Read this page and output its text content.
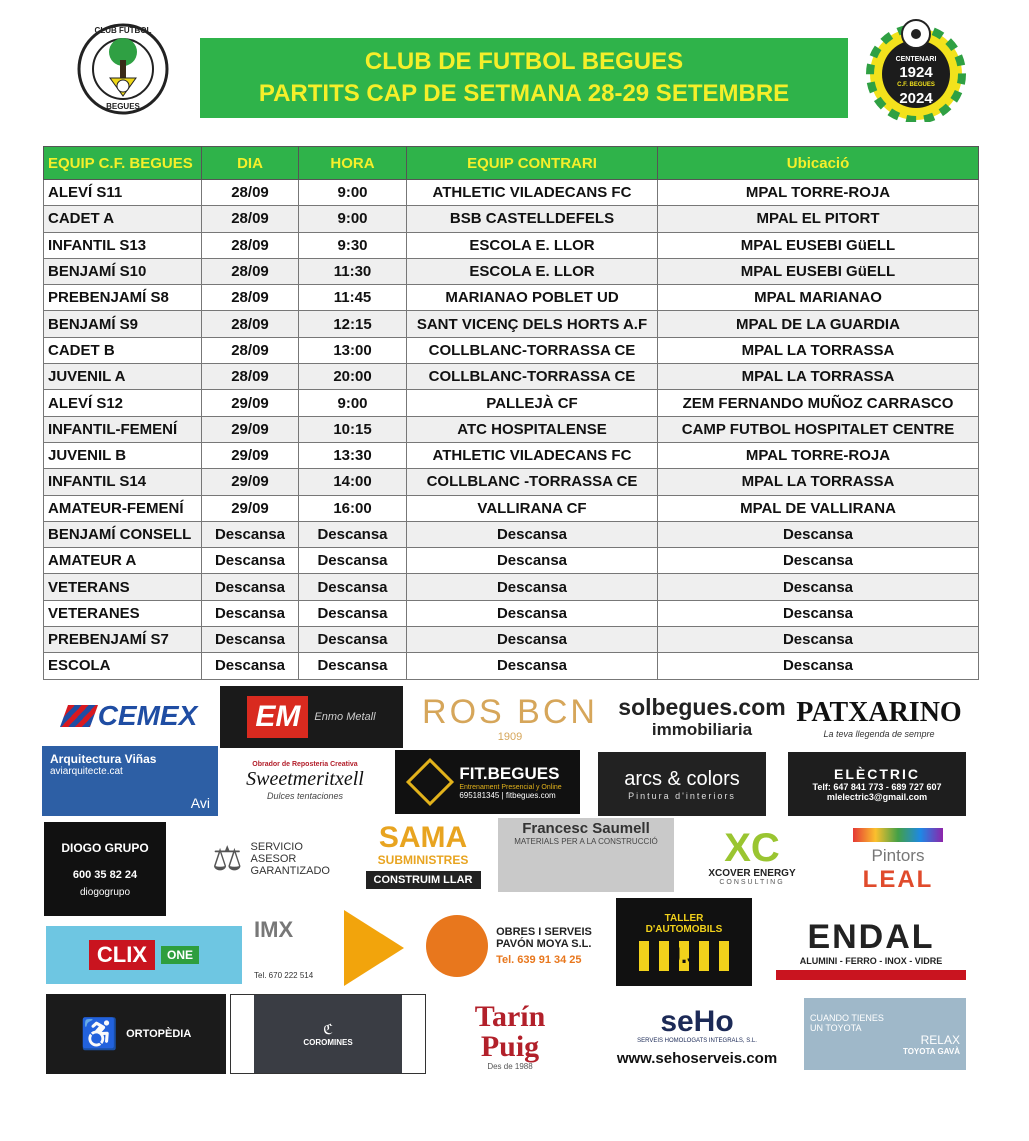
CLUB FUTBOL
BEGUES
CLUB DE FUTBOL BEGUES
PARTITS CAP DE SETMANA 28-29 SETEMBRE
CENTENARI
1924
C.F. BEGUES
2024
EQUIP C.F. BEGUES	DIA	HORA	EQUIP CONTRARI	Ubicació
ALEVÍ S11	28/09	9:00	ATHLETIC VILADECANS FC	MPAL TORRE-ROJA
CADET A	28/09	9:00	BSB CASTELLDEFELS	MPAL EL PITORT
INFANTIL S13	28/09	9:30	ESCOLA E. LLOR	MPAL EUSEBI GüELL
BENJAMÍ S10	28/09	11:30	ESCOLA E. LLOR	MPAL EUSEBI GüELL
PREBENJAMÍ S8	28/09	11:45	MARIANAO POBLET UD	MPAL MARIANAO
BENJAMÍ S9	28/09	12:15	SANT VICENÇ DELS HORTS A.F	MPAL DE LA GUARDIA
CADET B	28/09	13:00	COLLBLANC-TORRASSA CE	MPAL LA TORRASSA
JUVENIL A	28/09	20:00	COLLBLANC-TORRASSA CE	MPAL LA TORRASSA
ALEVÍ S12	29/09	9:00	PALLEJÀ CF	ZEM FERNANDO MUÑOZ CARRASCO
INFANTIL-FEMENÍ	29/09	10:15	ATC HOSPITALENSE	CAMP FUTBOL HOSPITALET CENTRE
JUVENIL B	29/09	13:30	ATHLETIC VILADECANS FC	MPAL TORRE-ROJA
INFANTIL S14	29/09	14:00	COLLBLANC -TORRASSA CE	MPAL LA TORRASSA
AMATEUR-FEMENÍ	29/09	16:00	VALLIRANA CF	MPAL DE VALLIRANA
BENJAMÍ CONSELL	Descansa	Descansa	Descansa	Descansa
AMATEUR A	Descansa	Descansa	Descansa	Descansa
VETERANS	Descansa	Descansa	Descansa	Descansa
VETERANES	Descansa	Descansa	Descansa	Descansa
PREBENJAMÍ S7	Descansa	Descansa	Descansa	Descansa
ESCOLA	Descansa	Descansa	Descansa	Descansa
CEMEX EM	Enmo Metall ROS BCN
1909
solbegues.com
immobiliaria
PATXARINO
La teva llegenda de sempre
Arquitectura Viñas
aviarquitecte.cat
Avi
Obrador de Reposteria Creativa
Sweetmeritxell
Dulces tentaciones
FIT.BEGUES
Entrenament Presencial y Online
695181345 | fitbegues.com
arcs & colors
Pintura d'interiors
ELÈCTRIC
Telf: 647 841 773 - 689 727 607
mlelectric3@gmail.com
DIOGO GRUPO
600 35 82 24
diogogrupo
⚖ SERVICIO
ASESOR
GARANTIZADO
SAMA
SUBMINISTRES
CONSTRUIM LLAR
Francesc Saumell
MATERIALS PER A LA CONSTRUCCIÓ XC
XCOVER ENERGY
CONSULTING
Pintors
LEAL
CLIX	ONE
IMX
Tel. 670 222 514
OBRES I SERVEIS
PAVÓN MOYA S.L.
Tel. 639 91 34 25
TALLER
D'AUTOMOBILS
J.J	ENDAL
ALUMINI - FERRO - INOX - VIDRE
♿ ORTOPÈDIA	ℭ
COROMINES
Tarín
Puig
Des de 1988
seHo
SERVEIS HOMOLOGATS INTEGRALS, S.L.
www.sehoserveis.com
CUANDO TIENES
UN TOYOTA
RELAX
TOYOTA GAVÀ
